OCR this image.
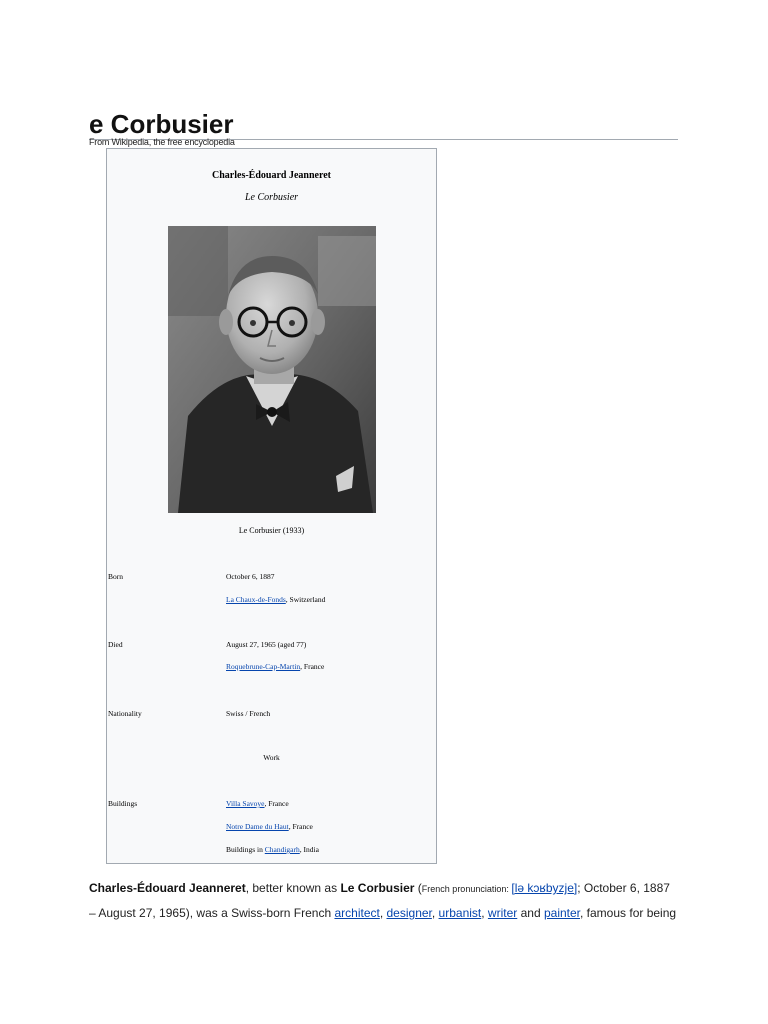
e Corbusier
From Wikipedia, the free encyclopedia
Charles-Édouard Jeanneret
Le Corbusier
Le Corbusier (1933)
Born	October 6, 1887
La Chaux-de-Fonds, Switzerland
Died	August 27, 1965 (aged 77)
Roquebrune-Cap-Martin, France
Nationality	Swiss / French
Work
Buildings	Villa Savoye, France
Notre Dame du Haut, France
Buildings in Chandigarh, India
Charles-Édouard Jeanneret, better known as Le Corbusier (French pronunciation: [lə kɔʁbyzje]; October 6, 1887
– August 27, 1965), was a Swiss-born French architect, designer, urbanist, writer and painter, famous for being
